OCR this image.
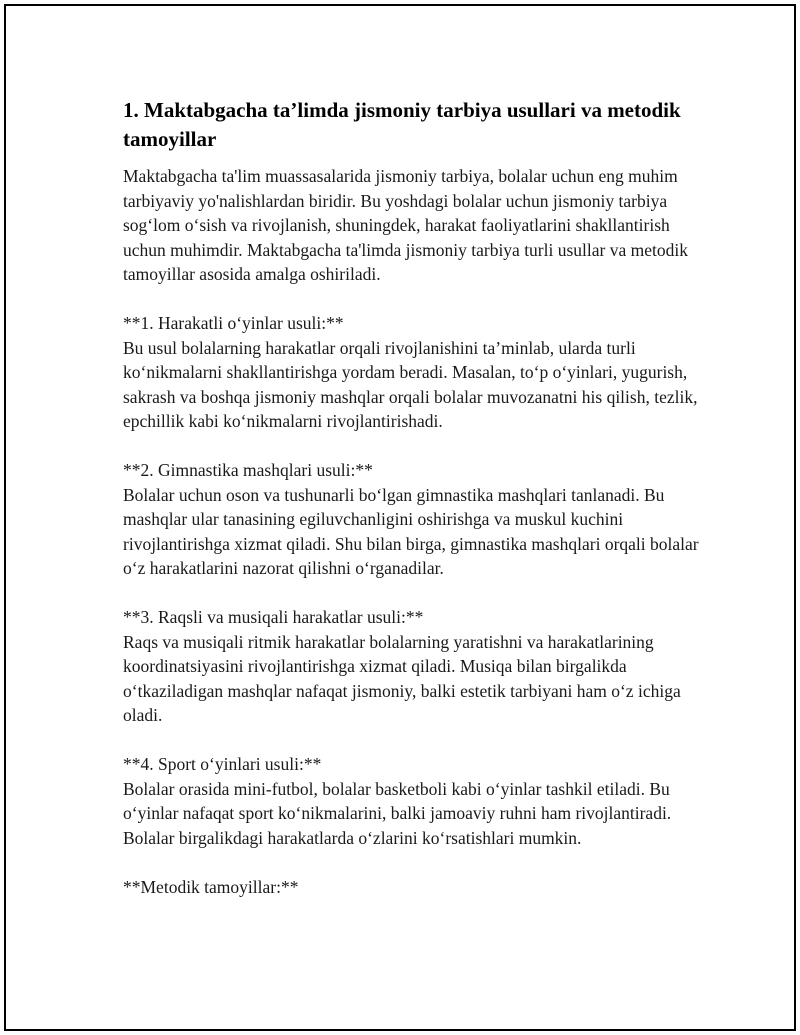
1. Maktabgacha ta’limda jismoniy tarbiya usullari va metodik tamoyillar

Maktabgacha ta'lim muassasalarida jismoniy tarbiya, bolalar uchun eng muhim tarbiyaviy yo'nalishlardan biridir. Bu yoshdagi bolalar uchun jismoniy tarbiya sog‘lom o‘sish va rivojlanish, shuningdek, harakat faoliyatlarini shakllantirish uchun muhimdir. Maktabgacha ta'limda jismoniy tarbiya turli usullar va metodik tamoyillar asosida amalga oshiriladi.

**1. Harakatli o‘yinlar usuli:**
Bu usul bolalarning harakatlar orqali rivojlanishini ta’minlab, ularda turli ko‘nikmalarni shakllantirishga yordam beradi. Masalan, to‘p o‘yinlari, yugurish, sakrash va boshqa jismoniy mashqlar orqali bolalar muvozanatni his qilish, tezlik, epchillik kabi ko‘nikmalarni rivojlantirishadi.
**2. Gimnastika mashqlari usuli:**
Bolalar uchun oson va tushunarli bo‘lgan gimnastika mashqlari tanlanadi. Bu mashqlar ular tanasining egiluvchanligini oshirishga va muskul kuchini rivojlantirishga xizmat qiladi. Shu bilan birga, gimnastika mashqlari orqali bolalar o‘z harakatlarini nazorat qilishni o‘rganadilar.
**3. Raqsli va musiqali harakatlar usuli:**
Raqs va musiqali ritmik harakatlar bolalarning yaratishni va harakatlarining koordinatsiyasini rivojlantirishga xizmat qiladi. Musiqa bilan birgalikda o‘tkaziladigan mashqlar nafaqat jismoniy, balki estetik tarbiyani ham o‘z ichiga oladi.
**4. Sport o‘yinlari usuli:**
Bolalar orasida mini-futbol, bolalar basketboli kabi o‘yinlar tashkil etiladi. Bu o‘yinlar nafaqat sport ko‘nikmalarini, balki jamoaviy ruhni ham rivojlantiradi. Bolalar birgalikdagi harakatlarda o‘zlarini ko‘rsatishlari mumkin.
**Metodik tamoyillar:**
